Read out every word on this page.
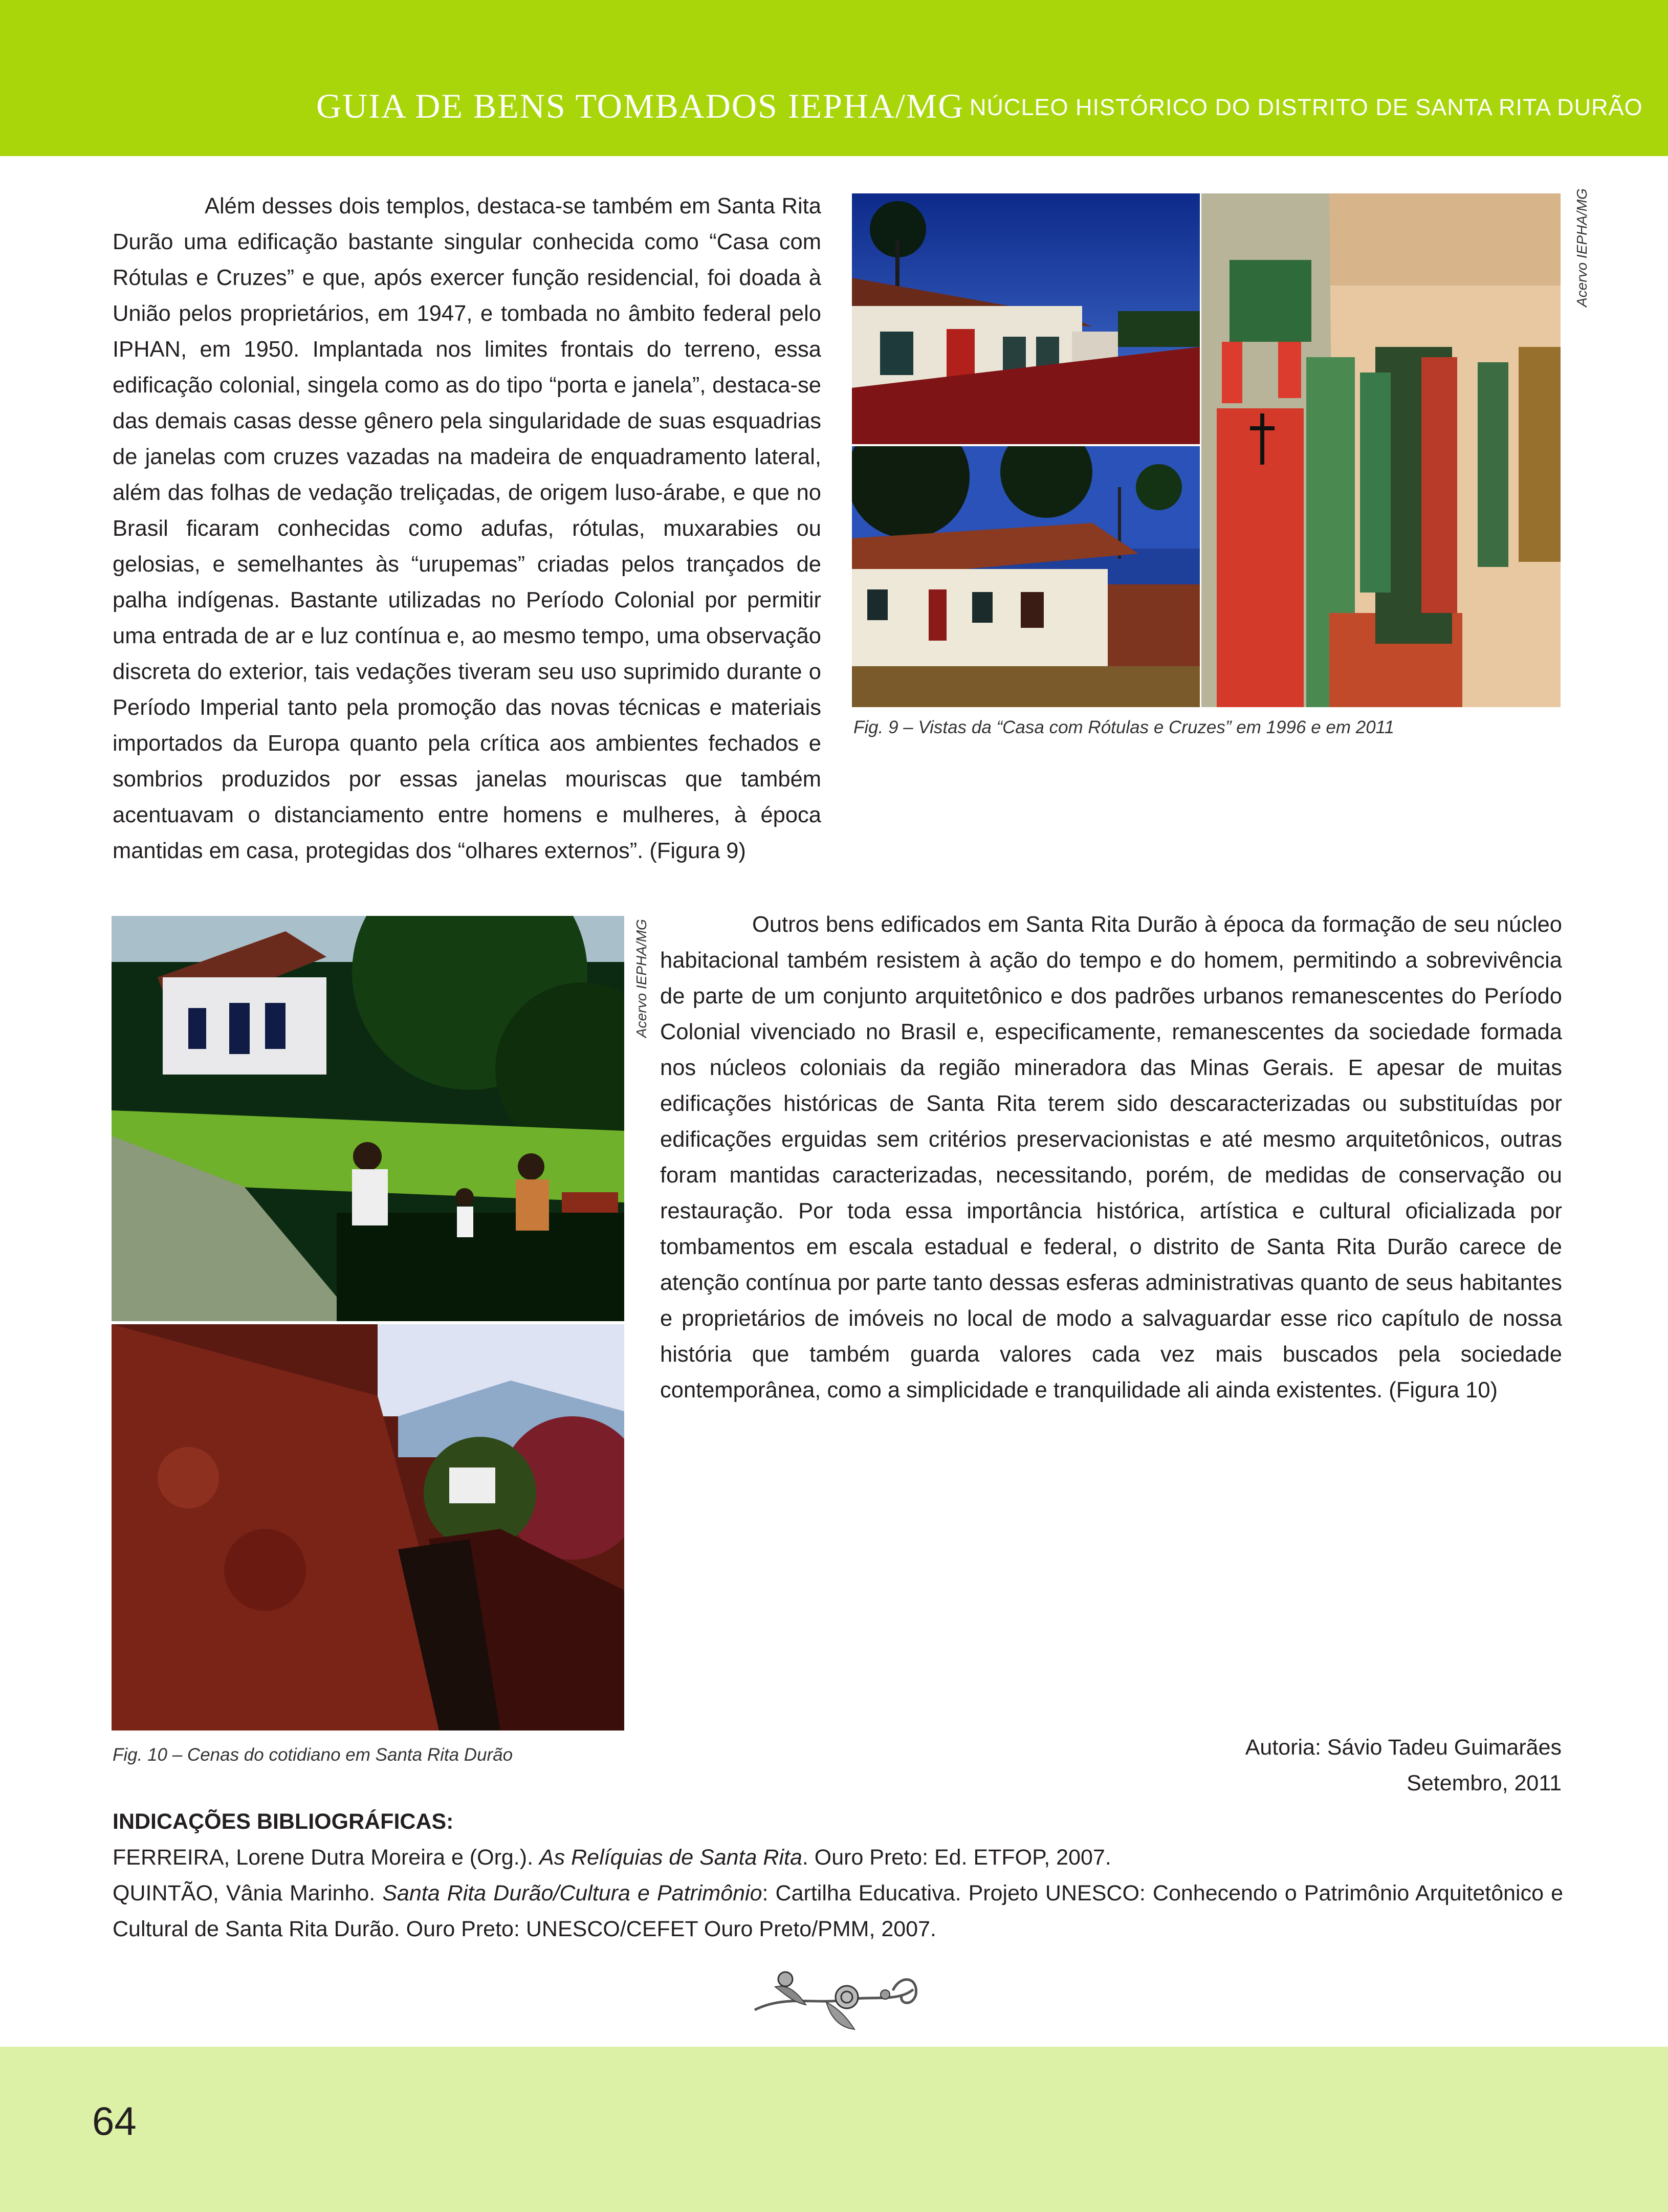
GUIA DE BENS TOMBADOS IEPHA/MG NÚCLEO HISTÓRICO DO DISTRITO DE SANTA RITA DURÃO

Além desses dois templos, destaca-se também em Santa Rita Durão uma edificação bastante singular conhecida como “Casa com Rótulas e Cruzes” e que, após exercer função residencial, foi doada à União pelos proprietários, em 1947, e tombada no âmbito federal pelo IPHAN, em 1950. Implantada nos limites frontais do terreno, essa edificação colonial, singela como as do tipo “porta e janela”, destaca-se das demais casas desse gênero pela singularidade de suas esquadrias de janelas com cruzes vazadas na madeira de enquadramento lateral, além das folhas de vedação treliçadas, de origem luso-árabe, e que no Brasil ficaram conhecidas como adufas, rótulas, muxarabies ou gelosias, e semelhantes às “urupemas” criadas pelos trançados de palha indígenas. Bastante utilizadas no Período Colonial por permitir uma entrada de ar e luz contínua e, ao mesmo tempo, uma observação discreta do exterior, tais vedações tiveram seu uso suprimido durante o Período Imperial tanto pela promoção das novas técnicas e materiais importados da Europa quanto pela crítica aos ambientes fechados e sombrios produzidos por essas janelas mouriscas que também acentuavam o distanciamento entre homens e mulheres, à época mantidas em casa, protegidas dos “olhares externos”. (Figura 9)

Acervo IEPHA/MG
Fig. 9 – Vistas da “Casa com Rótulas e Cruzes” em 1996 e em 2011
Acervo IEPHA/MG
Fig. 10 – Cenas do cotidiano em Santa Rita Durão

Outros bens edificados em Santa Rita Durão à época da formação de seu núcleo habitacional também resistem à ação do tempo e do homem, permitindo a sobrevivência de parte de um conjunto arquitetônico e dos padrões urbanos remanescentes do Período Colonial vivenciado no Brasil e, especificamente, remanescentes da sociedade formada nos núcleos coloniais da região mineradora das Minas Gerais. E apesar de muitas edificações históricas de Santa Rita terem sido descaracterizadas ou substituídas por edificações erguidas sem critérios preservacionistas e até mesmo arquitetônicos, outras foram mantidas caracterizadas, necessitando, porém, de medidas de conservação ou restauração. Por toda essa importância histórica, artística e cultural oficializada por tombamentos em escala estadual e federal, o distrito de Santa Rita Durão carece de atenção contínua por parte tanto dessas esferas administrativas quanto de seus habitantes e proprietários de imóveis no local de modo a salvaguardar esse rico capítulo de nossa história que também guarda valores cada vez mais buscados pela sociedade contemporânea, como a simplicidade e tranquilidade ali ainda existentes. (Figura 10)

Autoria: Sávio Tadeu Guimarães
Setembro, 2011
INDICAÇÕES BIBLIOGRÁFICAS:

FERREIRA, Lorene Dutra Moreira e (Org.). As Relíquias de Santa Rita. Ouro Preto: Ed. ETFOP, 2007.

QUINTÃO, Vânia Marinho. Santa Rita Durão/Cultura e Patrimônio: Cartilha Educativa. Projeto UNESCO: Conhecendo o Patrimônio Arquitetônico e Cultural de Santa Rita Durão. Ouro Preto: UNESCO/CEFET Ouro Preto/PMM, 2007.

64
